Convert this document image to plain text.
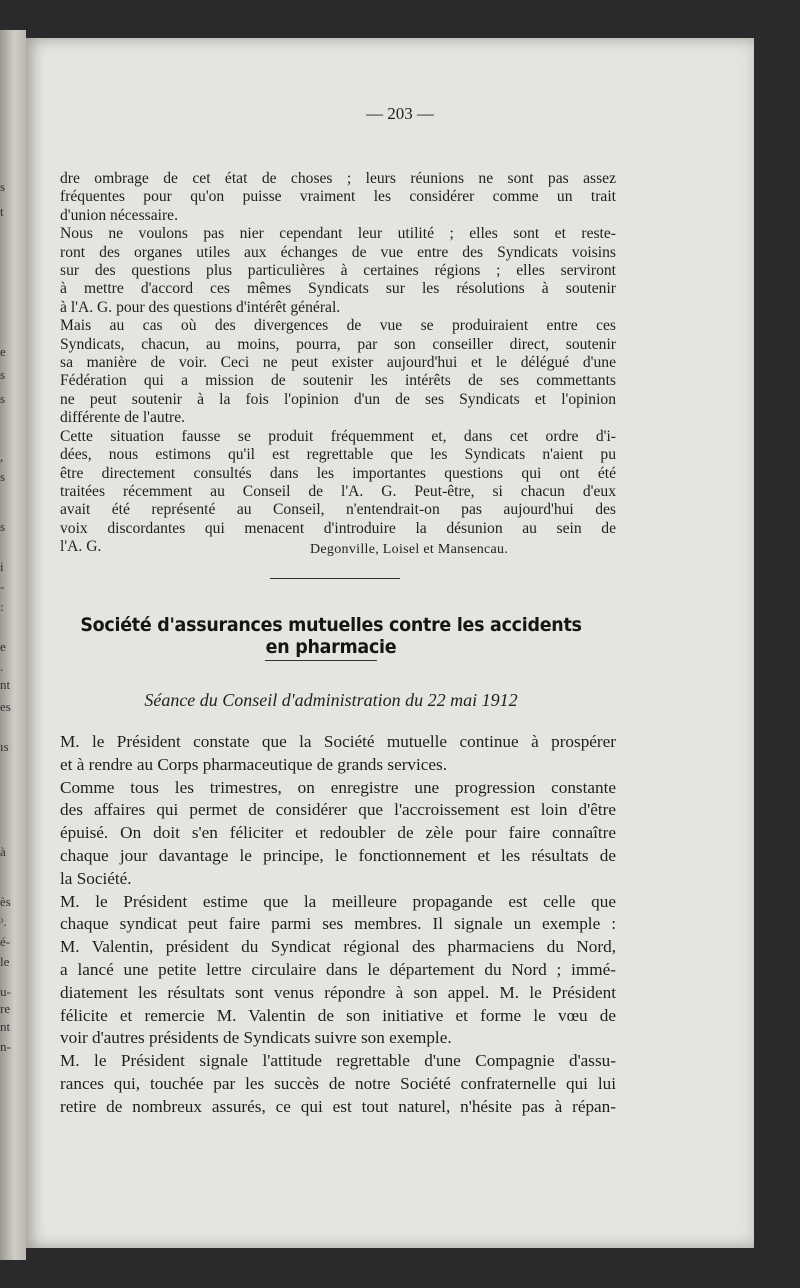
s
t
e
s
s
,
s
s
i
-
:
e
.
nt
es
ıs
à
ès
ᵓ.
é-
le
u-
re
nt
n-
— 203 —

dre ombrage de cet état de choses ; leurs réunions ne sont pas assez
fréquentes pour qu'on puisse vraiment les considérer comme un trait
d'union nécessaire.

Nous ne voulons pas nier cependant leur utilité ; elles sont et reste-
ront des organes utiles aux échanges de vue entre des Syndicats voisins
sur des questions plus particulières à certaines régions ; elles serviront
à mettre d'accord ces mêmes Syndicats sur les résolutions à soutenir
à l'A. G. pour des questions d'intérêt général.

Mais au cas où des divergences de vue se produiraient entre ces
Syndicats, chacun, au moins, pourra, par son conseiller direct, soutenir
sa manière de voir. Ceci ne peut exister aujourd'hui et le délégué d'une
Fédération qui a mission de soutenir les intérêts de ses commettants
ne peut soutenir à la fois l'opinion d'un de ses Syndicats et l'opinion
différente de l'autre.

Cette situation fausse se produit fréquemment et, dans cet ordre d'i-
dées, nous estimons qu'il est regrettable que les Syndicats n'aient pu
être directement consultés dans les importantes questions qui ont été
traitées récemment au Conseil de l'A. G. Peut-être, si chacun d'eux
avait été représenté au Conseil, n'entendrait-on pas aujourd'hui des
voix discordantes qui menacent d'introduire la désunion au sein de
l'A. G.	Degonville, Loisel et Mansencau.
Société d'assurances mutuelles contre les accidents en pharmacie
Séance du Conseil d'administration du 22 mai 1912

M. le Président constate que la Société mutuelle continue à prospérer
et à rendre au Corps pharmaceutique de grands services.

Comme tous les trimestres, on enregistre une progression constante
des affaires qui permet de considérer que l'accroissement est loin d'être
épuisé. On doit s'en féliciter et redoubler de zèle pour faire connaître
chaque jour davantage le principe, le fonctionnement et les résultats de
la Société.

M. le Président estime que la meilleure propagande est celle que
chaque syndicat peut faire parmi ses membres. Il signale un exemple :
M. Valentin, président du Syndicat régional des pharmaciens du Nord,
a lancé une petite lettre circulaire dans le département du Nord ; immé-
diatement les résultats sont venus répondre à son appel. M. le Président
félicite et remercie M. Valentin de son initiative et forme le vœu de
voir d'autres présidents de Syndicats suivre son exemple.

M. le Président signale l'attitude regrettable d'une Compagnie d'assu-
rances qui, touchée par les succès de notre Société confraternelle qui lui
retire de nombreux assurés, ce qui est tout naturel, n'hésite pas à répan-
